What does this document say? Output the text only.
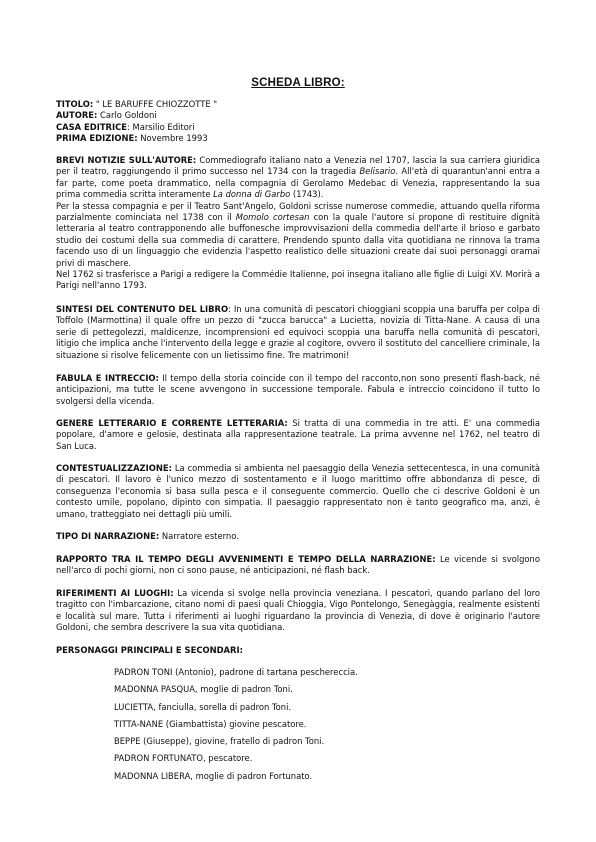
SCHEDA LIBRO:
TITOLO: " LE BARUFFE CHIOZZOTTE "
AUTORE: Carlo Goldoni
CASA EDITRICE: Marsilio Editori
PRIMA EDIZIONE: Novembre 1993

BREVI NOTIZIE SULL'AUTORE: Commediografo italiano nato a Venezia nel 1707, lascia la sua carriera giuridica per il teatro, raggiungendo il primo successo nel 1734 con la tragedia Belisario. All'età di quarantun'anni entra a far parte, come poeta drammatico, nella compagnia di Gerolamo Medebac di Venezia, rappresentando la sua prima commedia scritta interamente La donna di Garbo (1743).

Per la stessa compagnia e per il Teatro Sant'Angelo, Goldoni scrisse numerose commedie, attuando quella riforma parzialmente cominciata nel 1738 con il Momolo cortesan con la quale l'autore si propone di restituire dignità letteraria al teatro contrapponendo alle buffonesche improvvisazioni della commedia dell'arte il brioso e garbato studio dei costumi della sua commedia di carattere. Prendendo spunto dalla vita quotidiana ne rinnova la trama facendo uso di un linguaggio che evidenzia l'aspetto realistico delle situazioni create dai suoi personaggi oramai privi di maschere.

Nel 1762 si trasferisce a Parigi a redigere la Commédie Italienne, poi insegna italiano alle figlie di Luigi XV. Morirà a Parigi nell'anno 1793.

SINTESI DEL CONTENUTO DEL LIBRO: In una comunità di pescatori chioggiani scoppia una baruffa per colpa di Toffolo (Marmottina) il quale offre un pezzo di "zucca barucca" a Lucietta, novizia di Titta-Nane. A causa di una serie di pettegolezzi, maldicenze, incomprensioni ed equivoci scoppia una baruffa nella comunità di pescatori, litigio che implica anche l'intervento della legge e grazie al cogitore, ovvero il sostituto del cancelliere criminale, la situazione si risolve felicemente con un lietissimo fine. Tre matrimoni!

FABULA E INTRECCIO: Il tempo della storia coincide con il tempo del racconto,non sono presenti flash-back, né anticipazioni, ma tutte le scene avvengono in successione temporale. Fabula e intreccio coincidono il tutto lo svolgersi della vicenda.

GENERE LETTERARIO E CORRENTE LETTERARIA: Si tratta di una commedia in tre atti. E' una commedia popolare, d'amore e gelosie, destinata alla rappresentazione teatrale. La prima avvenne nel 1762, nel teatro di San Luca.

CONTESTUALIZZAZIONE: La commedia si ambienta nel paesaggio della Venezia settecentesca, in una comunità di pescatori. Il lavoro è l'unico mezzo di sostentamento e il luogo marittimo offre abbondanza di pesce, di conseguenza l'economia si basa sulla pesca e il conseguente commercio. Quello che ci descrive Goldoni è un contesto umile, popolano, dipinto con simpatia. Il paesaggio rappresentato non è tanto geografico ma, anzi, è umano, tratteggiato nei dettagli più umili.

TIPO DI NARRAZIONE: Narratore esterno.

RAPPORTO TRA IL TEMPO DEGLI AVVENIMENTI E TEMPO DELLA NARRAZIONE: Le vicende si svolgono nell'arco di pochi giorni, non ci sono pause, né anticipazioni, né flash back.

RIFERIMENTI AI LUOGHI: La vicenda si svolge nella provincia veneziana. I pescatori, quando parlano del loro tragitto con l'imbarcazione, citano nomi di paesi quali Chioggia, Vigo Pontelongo, Senegàggia, realmente esistenti e località sul mare. Tutta i riferimenti ai luoghi riguardano la provincia di Venezia, di dove è originario l'autore Goldoni, che sembra descrivere la sua vita quotidiana.

PERSONAGGI PRINCIPALI E SECONDARI:

PADRON TONI (Antonio), padrone di tartana peschereccia.
MADONNA PASQUA, moglie di padron Toni.
LUCIETTA, fanciulla, sorella di padron Toni.
TITTA-NANE (Giambattista) giovine pescatore.
BEPPE (Giuseppe), giovine, fratello di padron Toni.
PADRON FORTUNATO, pescatore.
MADONNA LIBERA, moglie di padron Fortunato.
